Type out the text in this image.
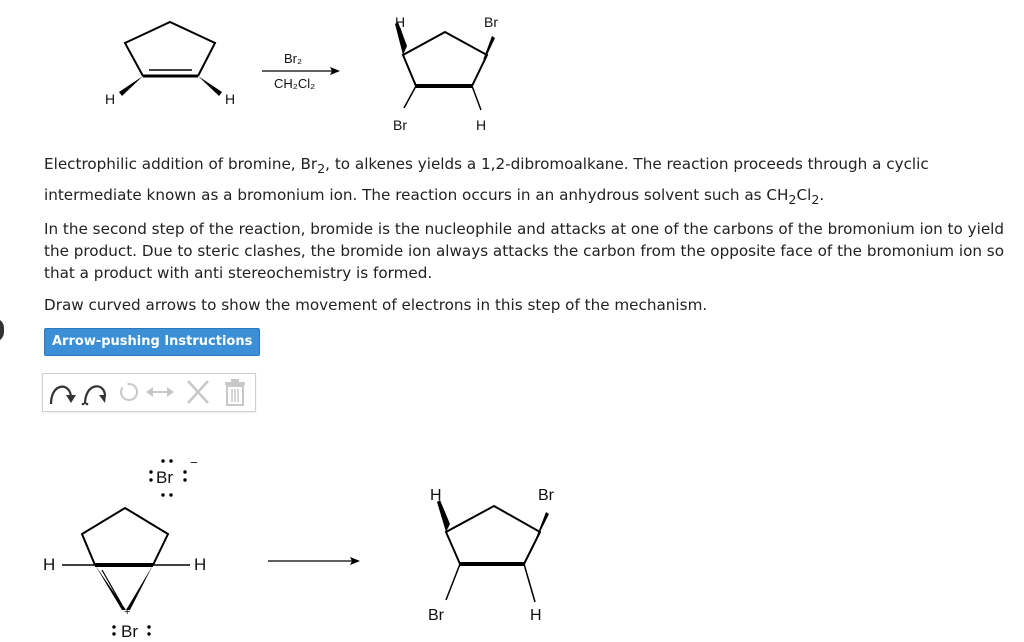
H	H
Br₂
CH₂Cl₂
H	Br
Br	H

Electrophilic addition of bromine, $Br_2$, to alkenes yields a 1,2-dibromoalkane. The reaction proceeds through a cyclic intermediate known as a bromonium ion. The reaction occurs in an anhydrous solvent such as $CH_2Cl_2$.

In the second step of the reaction, bromide is the nucleophile and attacks at one of the carbons of the bromonium ion to yield the product. Due to steric clashes, the bromide ion always attacks the carbon from the opposite face of the bromonium ion so that a product with anti stereochemistry is formed.

Draw curved arrows to show the movement of electrons in this step of the mechanism.

Arrow-pushing Instructions
Br
−
H	H
Br
+
H	Br
Br	H
